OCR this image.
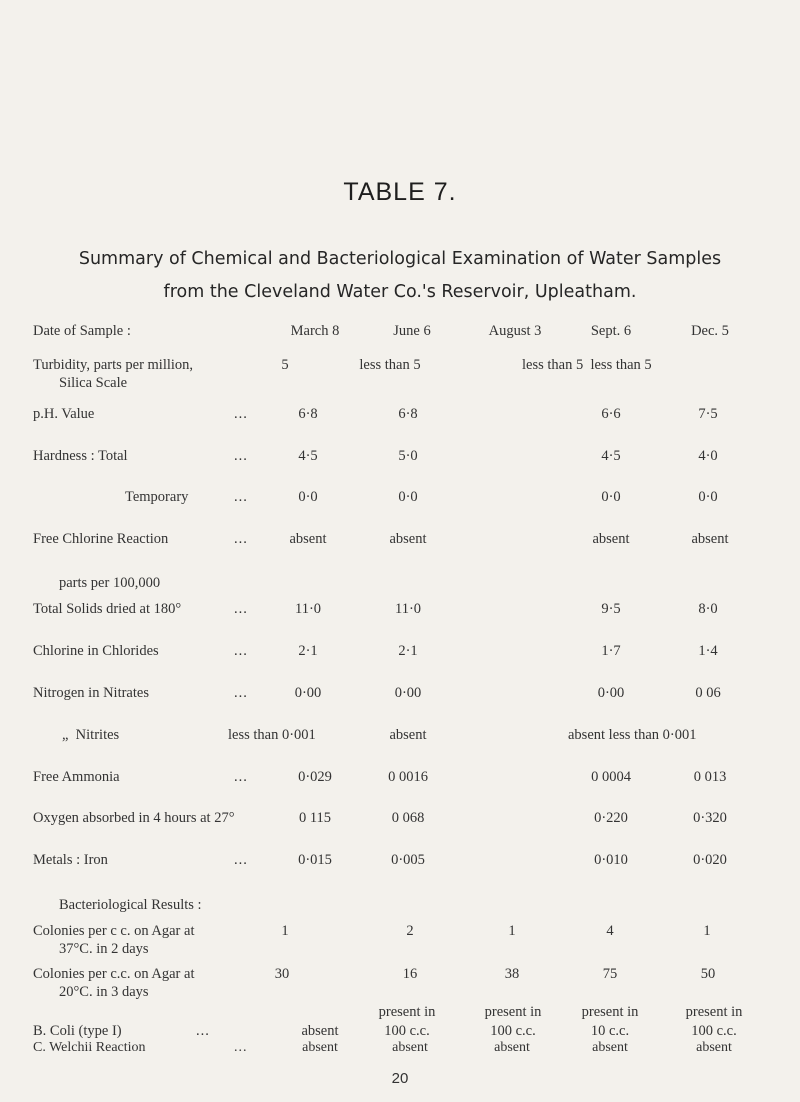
TABLE 7.
Summary of Chemical and Bacteriological Examination of Water Samples
from the Cleveland Water Co.'s Reservoir, Upleatham.
Date of Sample :	March 8	June 6	August 3	Sept. 6	Dec. 5
Turbidity, parts per million,
Silica Scale
5	less than 5	less than 5  less than 5
p.H. Value	...	6·8	6·8	6·6	7·5
Hardness : Total	...	4·5	5·0	4·5	4·0
Temporary	...	0·0	0·0	0·0	0·0
Free Chlorine Reaction	...	absent	absent	absent	absent
parts per 100,000
Total Solids dried at 180°	...	11·0	11·0	9·5	8·0
Chlorine in Chlorides	...	2·1	2·1	1·7	1·4
Nitrogen in Nitrates	...	0·00	0·00	0·00	0 06
„  Nitrites	less than 0·001	absent	absent less than 0·001
Free Ammonia	...	0·029	0 0016	0 0004	0 013
Oxygen absorbed in 4 hours at 27°	0 115	0 068	0·220	0·320
Metals : Iron	...	0·015	0·005	0·010	0·020
Bacteriological Results :
Colonies per c c. on Agar at
37°C. in 2 days
1	2	1	4	1
Colonies per c.c. on Agar at
20°C. in 3 days
30	16	38	75	50
present in	present in	present in	present in
B. Coli (type I)	...	absent	100 c.c.	100 c.c.	10 c.c.	100 c.c.
C. Welchii Reaction	...	absent	absent	absent	absent	absent
20
